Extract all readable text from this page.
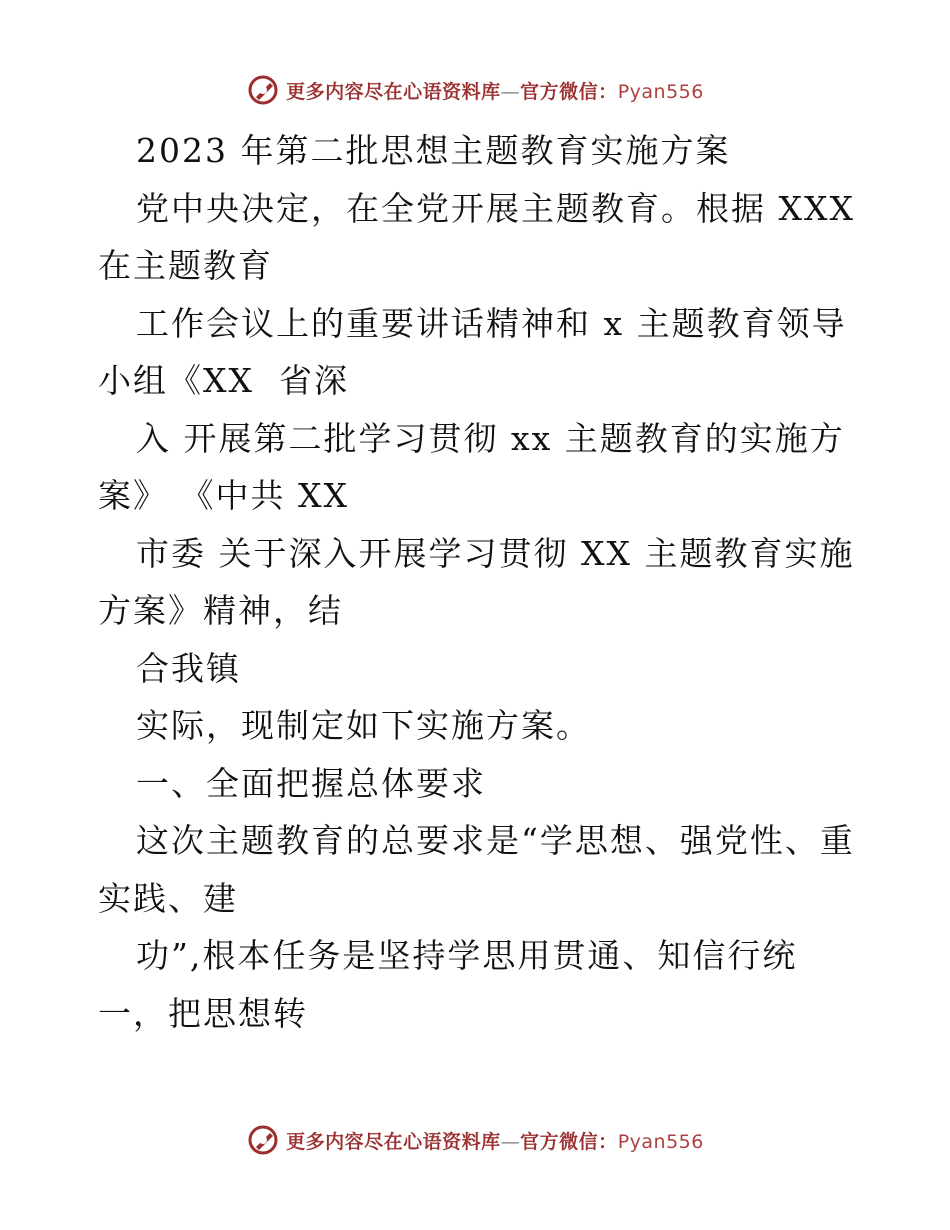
更多内容尽在心语资料库—官方微信：Pyan556
2023 年第二批思想主题教育实施方案
党中央决定，在全党开展主题教育。根据 XXX
在主题教育
工作会议上的重要讲话精神和 x 主题教育领导
小组《XX  省深
入 开展第二批学习贯彻 xx 主题教育的实施方
案》 《中共 XX
市委 关于深入开展学习贯彻 XX 主题教育实施
方案》精神，结
合我镇
实际，现制定如下实施方案。
一、全面把握总体要求
这次主题教育的总要求是“学思想、强党性、重
实践、建
功”,根本任务是坚持学思用贯通、知信行统
一，把思想转
更多内容尽在心语资料库—官方微信：Pyan556
